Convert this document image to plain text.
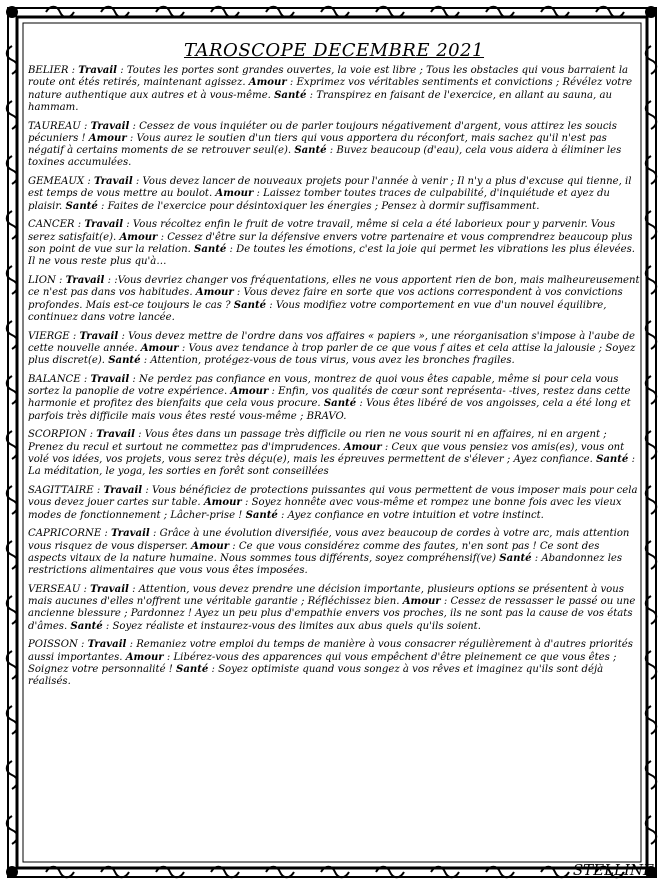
TAROSCOPE DECEMBRE 2021

BELIER : Travail : Toutes les portes sont grandes ouvertes, la voie est libre ; Tous les obstacles qui vous barraient la route ont étés retirés, maintenant agissez. Amour : Exprimez vos véritables sentiments et convictions ; Révélez votre nature authentique aux autres et à vous-même. Santé : Transpirez en faisant de l'exercice, en allant au sauna, au hammam.

TAUREAU : Travail : Cessez de vous inquiéter ou de parler toujours négativement d'argent, vous attirez les soucis pécuniers ! Amour : Vous aurez le soutien d'un tiers qui vous apportera du réconfort, mais sachez qu'il n'est pas négatif à certains moments de se retrouver seul(e). Santé : Buvez beaucoup (d'eau), cela vous aidera à éliminer les toxines accumulées.

GEMEAUX : Travail : Vous devez lancer de nouveaux projets pour l'année à venir ; Il n'y a plus d'excuse qui tienne, il est temps de vous mettre au boulot. Amour : Laissez tomber toutes traces de culpabilité, d'inquiétude et ayez du plaisir. Santé : Faites de l'exercice pour désintoxiquer les énergies ; Pensez à dormir suffisamment.

CANCER : Travail : Vous récoltez enfin le fruit de votre travail, même si cela a été laborieux pour y parvenir. Vous serez satisfait(e). Amour : Cessez d'être sur la défensive envers votre partenaire et vous comprendrez beaucoup plus son point de vue sur la relation. Santé : De toutes les émotions, c'est la joie qui permet les vibrations les plus élevées. Il ne vous reste plus qu'à…

LION : Travail : :Vous devriez changer vos fréquentations, elles ne vous apportent rien de bon, mais malheureusement ce n'est pas dans vos habitudes. Amour : Vous devez faire en sorte que vos actions correspondent à vos convictions profondes. Mais est-ce toujours le cas ? Santé : Vous modifiez votre comportement en vue d'un nouvel équilibre, continuez dans votre lancée.

VIERGE : Travail : Vous devez mettre de l'ordre dans vos affaires « papiers », une réorganisation s'impose à l'aube de cette nouvelle année. Amour : Vous avez tendance à trop parler de ce que vous f aites et cela attise la jalousie ; Soyez plus discret(e). Santé : Attention, protégez-vous de tous virus, vous avez les bronches fragiles.

BALANCE : Travail : Ne perdez pas confiance en vous, montrez de quoi vous êtes capable, même si pour cela vous sortez la panoplie de votre expérience. Amour : Enfin, vos qualités de cœur sont représenta- -tives, restez dans cette harmonie et profitez des bienfaits que cela vous procure. Santé : Vous êtes libéré de vos angoisses, cela a été long et parfois très difficile mais vous êtes resté vous-même ; BRAVO.

SCORPION : Travail : Vous êtes dans un passage très difficile ou rien ne vous sourit ni en affaires, ni en argent ; Prenez du recul et surtout ne commettez pas d'imprudences. Amour : Ceux que vous pensiez vos amis(es), vous ont volé vos idées, vos projets, vous serez très déçu(e), mais les épreuves permettent de s'élever ; Ayez confiance. Santé : La méditation, le yoga, les sorties en forêt sont conseillées

SAGITTAIRE : Travail : Vous bénéficiez de protections puissantes qui vous permettent de vous imposer mais pour cela vous devez jouer cartes sur table. Amour : Soyez honnête avec vous-même et rompez une bonne fois avec les vieux modes de fonctionnement ; Lâcher-prise ! Santé : Ayez confiance en votre intuition et votre instinct.

CAPRICORNE : Travail : Grâce à une évolution diversifiée, vous avez beaucoup de cordes à votre arc, mais attention vous risquez de vous disperser. Amour : Ce que vous considérez comme des fautes, n'en sont pas ! Ce sont des aspects vitaux de la nature humaine. Nous sommes tous différents, soyez compréhensif(ve) Santé : Abandonnez les restrictions alimentaires que vous vous êtes imposées.

VERSEAU : Travail : Attention, vous devez prendre une décision importante, plusieurs options se présentent à vous mais aucunes d'elles n'offrent une véritable garantie ; Réfléchissez bien. Amour : Cessez de ressasser le passé ou une ancienne blessure ; Pardonnez ! Ayez un peu plus d'empathie envers vos proches, ils ne sont pas la cause de vos états d'âmes. Santé : Soyez réaliste et instaurez-vous des limites aux abus quels qu'ils soient.

POISSON : Travail : Remaniez votre emploi du temps de manière à vous consacrer régulièrement à d'autres priorités aussi importantes. Amour : Libérez-vous des apparences qui vous empêchent d'être pleinement ce que vous êtes ; Soignez votre personnalité ! Santé : Soyez optimiste quand vous songez à vos rêves et imaginez qu'ils sont déjà réalisés.

STELLINE
